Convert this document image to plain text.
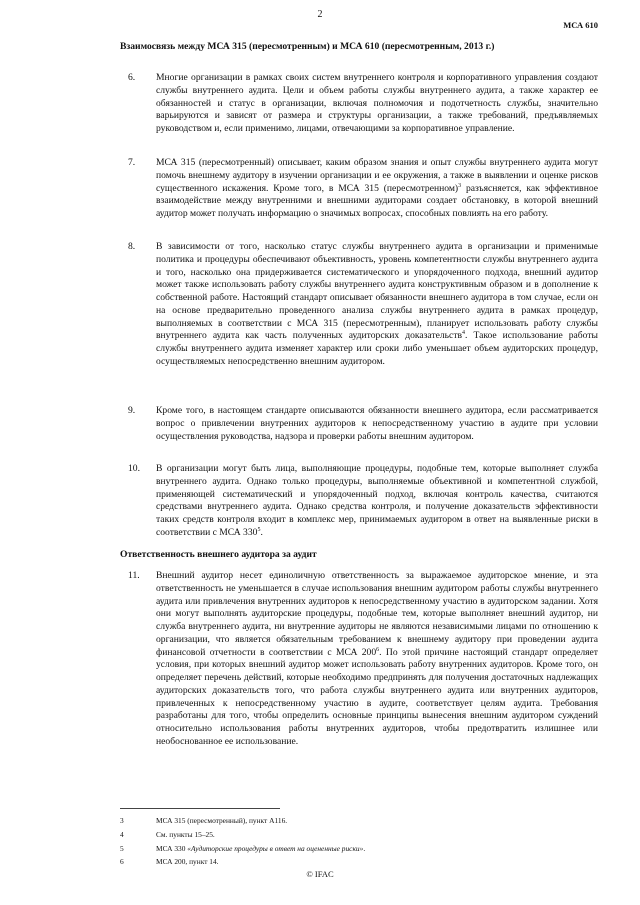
2
МСА 610
Взаимосвязь между МСА 315 (пересмотренным) и МСА 610 (пересмотренным, 2013 г.)
6. Многие организации в рамках своих систем внутреннего контроля и корпоративного управления создают службы внутреннего аудита. Цели и объем работы службы внутреннего аудита, а также характер ее обязанностей и статус в организации, включая полномочия и подотчетность службы, значительно варьируются и зависят от размера и структуры организации, а также требований, предъявляемых руководством и, если применимо, лицами, отвечающими за корпоративное управление.
7. МСА 315 (пересмотренный) описывает, каким образом знания и опыт службы внутреннего аудита могут помочь внешнему аудитору в изучении организации и ее окружения, а также в выявлении и оценке рисков существенного искажения. Кроме того, в МСА 315 (пересмотренном)$^3$ разъясняется, как эффективное взаимодействие между внутренними и внешними аудиторами создает обстановку, в которой внешний аудитор может получать информацию о значимых вопросах, способных повлиять на его работу.
8. В зависимости от того, насколько статус службы внутреннего аудита в организации и применимые политика и процедуры обеспечивают объективность, уровень компетентности службы внутреннего аудита и того, насколько она придерживается систематического и упорядоченного подхода, внешний аудитор может также использовать работу службы внутреннего аудита конструктивным образом и в дополнение к собственной работе. Настоящий стандарт описывает обязанности внешнего аудитора в том случае, если он на основе предварительно проведенного анализа службы внутреннего аудита в рамках процедур, выполняемых в соответствии с МСА 315 (пересмотренным), планирует использовать работу службы внутреннего аудита как часть полученных аудиторских доказательств$^4$. Такое использование работы службы внутреннего аудита изменяет характер или сроки либо уменьшает объем аудиторских процедур, осуществляемых непосредственно внешним аудитором.
9. Кроме того, в настоящем стандарте описываются обязанности внешнего аудитора, если рассматривается вопрос о привлечении внутренних аудиторов к непосредственному участию в аудите при условии осуществления руководства, надзора и проверки работы внешним аудитором.
10. В организации могут быть лица, выполняющие процедуры, подобные тем, которые выполняет служба внутреннего аудита. Однако только процедуры, выполняемые объективной и компетентной службой, применяющей систематический и упорядоченный подход, включая контроль качества, считаются средствами внутреннего аудита. Однако средства контроля, и получение доказательств эффективности таких средств контроля входит в комплекс мер, принимаемых аудитором в ответ на выявленные риски в соответствии с МСА $330^5$.
Ответственность внешнего аудитора за аудит
11. Внешний аудитор несет единоличную ответственность за выражаемое аудиторское мнение, и эта ответственность не уменьшается в случае использования внешним аудитором работы службы внутреннего аудита или привлечения внутренних аудиторов к непосредственному участию в аудиторском задании. Хотя они могут выполнять аудиторские процедуры, подобные тем, которые выполняет внешний аудитор, ни служба внутреннего аудита, ни внутренние аудиторы не являются независимыми лицами по отношению к организации, что является обязательным требованием к внешнему аудитору при проведении аудита финансовой отчетности в соответствии с МСА $200^6$. По этой причине настоящий стандарт определяет условия, при которых внешний аудитор может использовать работу внутренних аудиторов. Кроме того, он определяет перечень действий, которые необходимо предпринять для получения достаточных надлежащих аудиторских доказательств того, что работа службы внутреннего аудита или внутренних аудиторов, привлеченных к непосредственному участию в аудите, соответствует целям аудита. Требования разработаны для того, чтобы определить основные принципы вынесения внешним аудитором суждений относительно использования работы внутренних аудиторов, чтобы предотвратить излишнее или необоснованное ее использование.
3	МСА 315 (пересмотренный), пункт A116.
4	См. пункты 15–25.
5	МСА 330 «Аудиторские процедуры в ответ на оцененные риски».
6	МСА 200, пункт 14.
© IFAC
